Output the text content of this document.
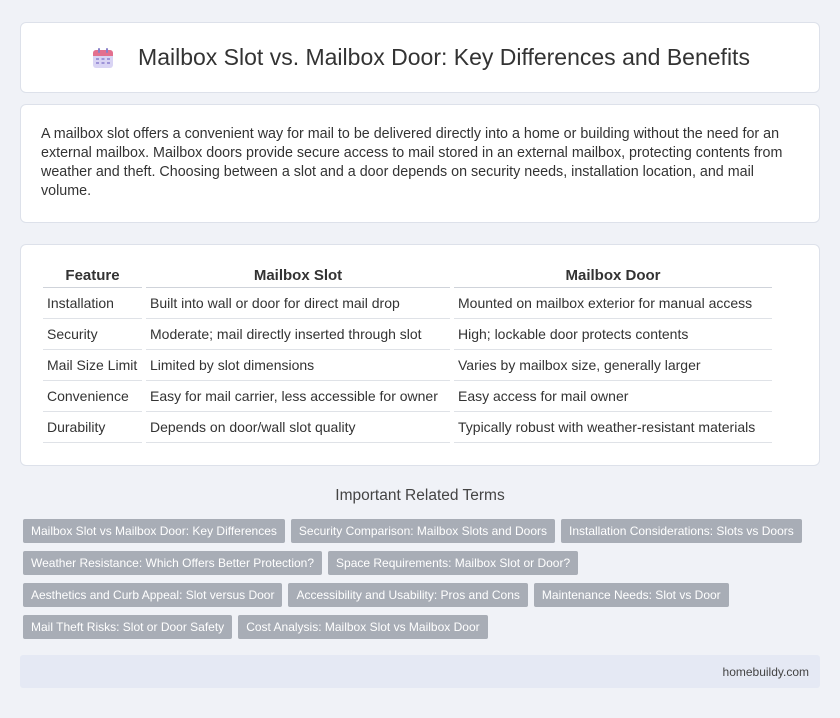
Mailbox Slot vs. Mailbox Door: Key Differences and Benefits

A mailbox slot offers a convenient way for mail to be delivered directly into a home or building without the need for an external mailbox. Mailbox doors provide secure access to mail stored in an external mailbox, protecting contents from weather and theft. Choosing between a slot and a door depends on security needs, installation location, and mail volume.

Feature	Mailbox Slot	Mailbox Door
Installation	Built into wall or door for direct mail drop	Mounted on mailbox exterior for manual access
Security	Moderate; mail directly inserted through slot	High; lockable door protects contents
Mail Size Limit	Limited by slot dimensions	Varies by mailbox size, generally larger
Convenience	Easy for mail carrier, less accessible for owner	Easy access for mail owner
Durability	Depends on door/wall slot quality	Typically robust with weather-resistant materials
Important Related Terms
Mailbox Slot vs Mailbox Door: Key Differences	Security Comparison: Mailbox Slots and Doors	Installation Considerations: Slots vs Doors
Weather Resistance: Which Offers Better Protection?	Space Requirements: Mailbox Slot or Door?
Aesthetics and Curb Appeal: Slot versus Door	Accessibility and Usability: Pros and Cons	Maintenance Needs: Slot vs Door
Mail Theft Risks: Slot or Door Safety	Cost Analysis: Mailbox Slot vs Mailbox Door
homebuildy.com
